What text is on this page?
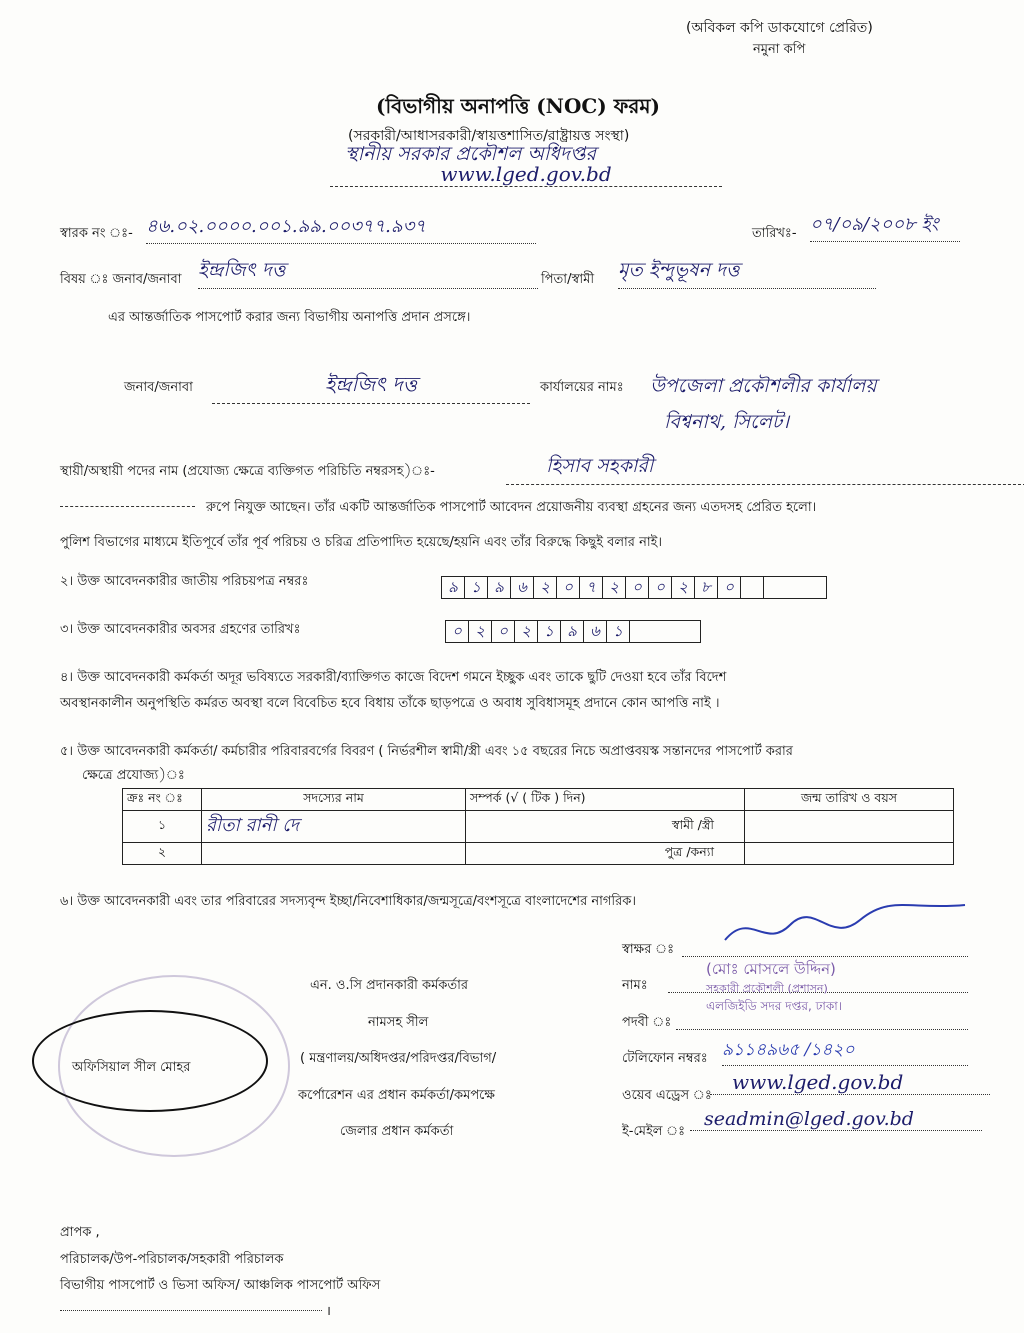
(অবিকল কপি ডাকযোগে প্রেরিত)
নমুনা কপি
(বিভাগীয় অনাপত্তি (NOC) ফরম)
(সরকারী/আধাসরকারী/স্বায়ত্তশাসিত/রাষ্ট্রায়ত্ত সংস্থা)
স্থানীয় সরকার প্রকৌশল অধিদপ্তর
www.lged.gov.bd
স্বারক নং ঃ- ৪৬.০২.০০০০.০০১.৯৯.০০৩৭৭.৯৩৭	তারিখঃ- ০৭/০৯/২০০৮ ইং
বিষয় ঃ জনাব/জনাবা ইন্দ্রজিৎ দত্ত	পিতা/স্বামী মৃত ইন্দুভূষন দত্ত
এর আন্তর্জাতিক পাসপোর্ট করার জন্য বিভাগীয় অনাপত্তি প্রদান প্রসঙ্গে।
জনাব/জনাবা	ইন্দ্রজিৎ দত্ত	কার্যালয়ের নামঃ উপজেলা প্রকৌশলীর কার্যালয়
বিশ্বনাথ, সিলেট।
স্থায়ী/অস্থায়ী পদের নাম (প্রযোজ্য ক্ষেত্রে ব্যক্তিগত পরিচিতি নম্বরসহ)ঃ-	হিসাব সহকারী
রুপে নিযুক্ত আছেন। তাঁর একটি আন্তর্জাতিক পাসপোর্ট আবেদন প্রয়োজনীয় ব্যবস্থা গ্রহনের জন্য এতদসহ প্রেরিত হলো।
পুলিশ বিভাগের মাধ্যমে ইতিপূর্বে তাঁর পূর্ব পরিচয় ও চরিত্র প্রতিপাদিত হয়েছে/হয়নি এবং তাঁর বিরুদ্ধে কিছুই বলার নাই।
২। উক্ত আবেদনকারীর জাতীয় পরিচয়পত্র নম্বরঃ	৯ ১ ৯ ৬ ২ ০ ৭ ২ ০ ০ ২ ৮ ০
৩। উক্ত আবেদনকারীর অবসর গ্রহণের তারিখঃ	০ ২ ০ ২ ১ ৯ ৬ ১
৪। উক্ত আবেদনকারী কর্মকর্তা অদূর ভবিষ্যতে সরকারী/ব্যাক্তিগত কাজে বিদেশ গমনে ইচ্ছুক এবং তাকে ছুটি দেওয়া হবে তাঁর বিদেশ
অবস্থানকালীন অনুপস্থিতি কর্মরত অবস্থা বলে বিবেচিত হবে বিধায় তাঁকে ছাড়পত্রে ও অবাধ সুবিধাসমূহ প্রদানে কোন আপত্তি নাই ।
৫। উক্ত আবেদনকারী কর্মকর্তা/ কর্মচারীর পরিবারবর্গের বিবরণ ( নির্ভরশীল স্বামী/স্ত্রী এবং ১৫ বছরের নিচে অপ্রাপ্তবয়স্ক সন্তানদের পাসপোর্ট করার
ক্ষেত্রে প্রযোজ্য)ঃ
ক্রঃ নং ঃ	সদস্যের নাম	সম্পর্ক (√ ( টিক ) দিন)	জন্ম তারিখ ও বয়স
১	রীতা রানী দে	স্বামী /স্ত্রী	
২		পুত্র /কন্যা	
৬। উক্ত আবেদনকারী এবং তার পরিবারের সদস্যবৃন্দ ইচ্ছা/নিবেশাধিকার/জন্মসূত্রে/বংশসূত্রে বাংলাদেশের নাগরিক।
অফিসিয়াল সীল মোহর
এন. ও.সি প্রদানকারী কর্মকর্তার
নামসহ সীল
( মন্ত্রণালয়/অধিদপ্তর/পরিদপ্তর/বিভাগ/
কর্পোরেশন এর প্রধান কর্মকর্তা/কমপক্ষে
জেলার প্রধান কর্মকর্তা
স্বাক্ষর ঃ
নামঃ
(মোঃ মোসলে উদ্দিন)
পদবী ঃ
সহকারী প্রকৌশলী (প্রশাসন)
এলজিইডি সদর দপ্তর, ঢাকা।
টেলিফোন নম্বরঃ ৯১১৪৯৬৫ /১৪২০
ওয়েব এড্রেস ঃ
www.lged.gov.bd
ই-মেইল ঃ
seadmin@lged.gov.bd
প্রাপক ,
পরিচালক/উপ-পরিচালক/সহকারী পরিচালক
বিভাগীয় পাসপোর্ট ও ভিসা অফিস/ আঞ্চলিক পাসপোর্ট অফিস
।
